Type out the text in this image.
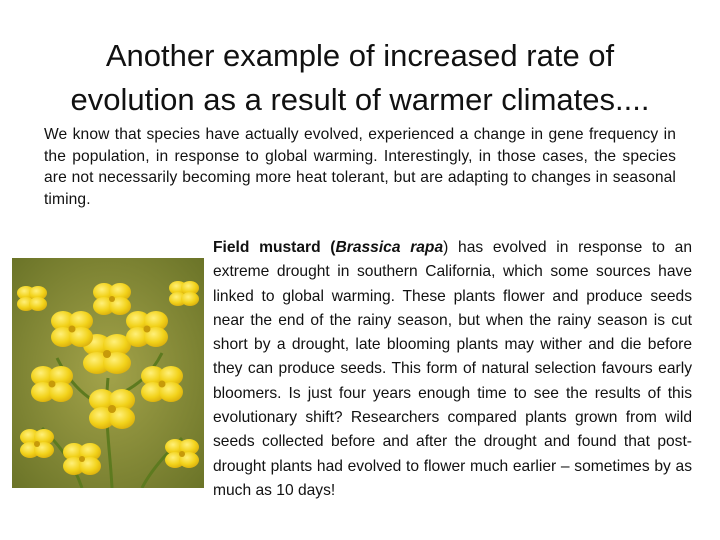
Another example of increased rate of
evolution as a result of warmer climates....

We know that species have actually evolved, experienced a change in gene frequency in the population, in response to global warming. Interestingly, in those cases, the species are not necessarily becoming more heat tolerant, but are adapting to changes in seasonal timing.

Field mustard (Brassica rapa) has evolved in response to an extreme drought in southern California, which some sources have linked to global warming. These plants flower and produce seeds near the end of the rainy season, but when the rainy season is cut short by a drought, late blooming plants may wither and die before they can produce seeds. This form of natural selection favours early bloomers. Is just four years enough time to see the results of this evolutionary shift? Researchers compared plants grown from wild seeds collected before and after the drought and found that post-drought plants had evolved to flower much earlier – sometimes by as much as 10 days!
